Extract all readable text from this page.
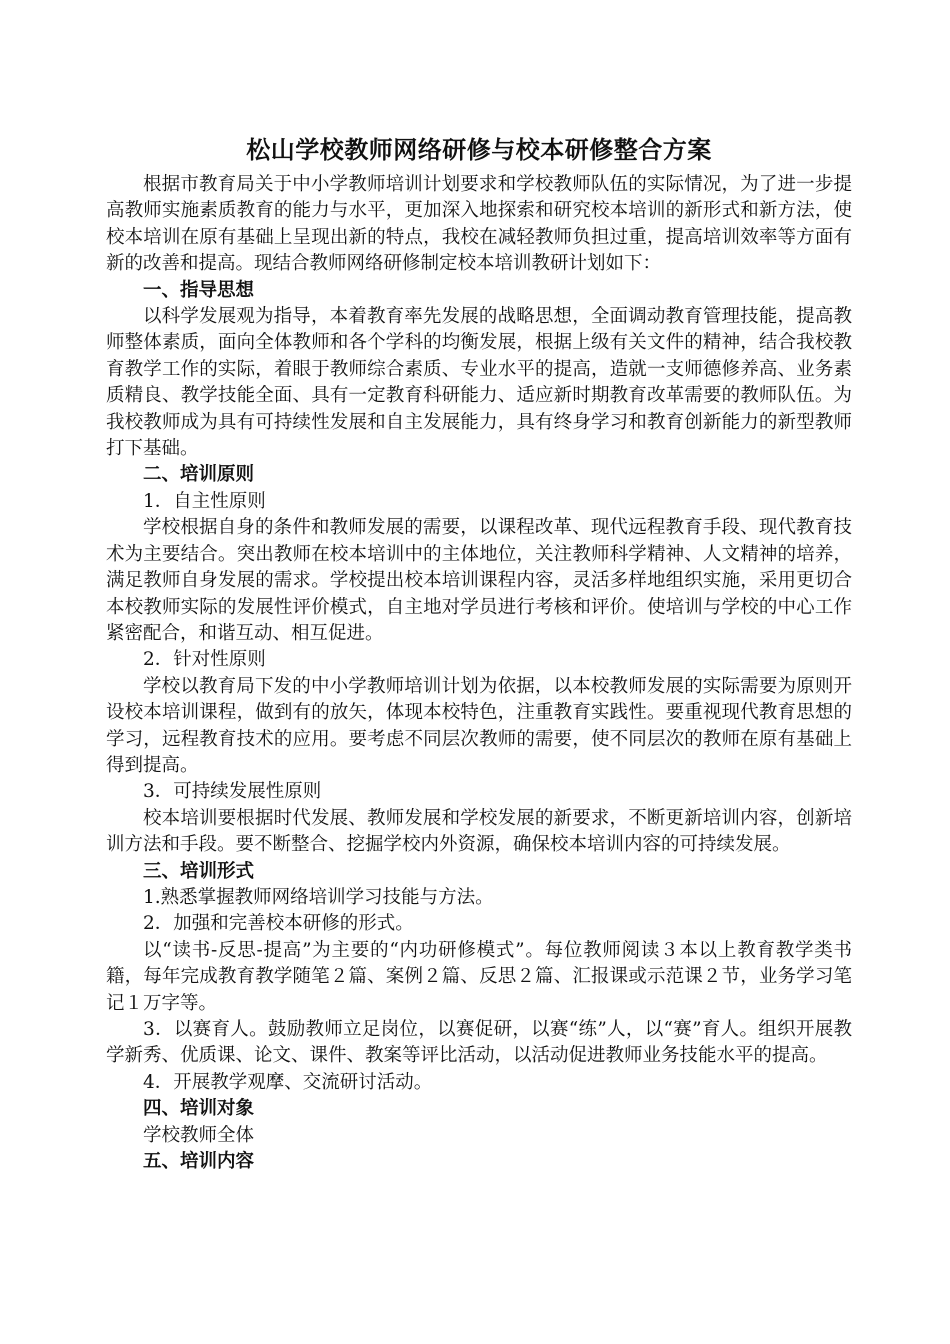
松山学校教师网络研修与校本研修整合方案

根据市教育局关于中小学教师培训计划要求和学校教师队伍的实际情况，为了进一步提高教师实施素质教育的能力与水平，更加深入地探索和研究校本培训的新形式和新方法，使校本培训在原有基础上呈现出新的特点，我校在减轻教师负担过重，提高培训效率等方面有新的改善和提高。现结合教师网络研修制定校本培训教研计划如下：

一、指导思想

以科学发展观为指导，本着教育率先发展的战略思想，全面调动教育管理技能，提高教师整体素质，面向全体教师和各个学科的均衡发展，根据上级有关文件的精神，结合我校教育教学工作的实际，着眼于教师综合素质、专业水平的提高，造就一支师德修养高、业务素质精良、教学技能全面、具有一定教育科研能力、适应新时期教育改革需要的教师队伍。为我校教师成为具有可持续性发展和自主发展能力，具有终身学习和教育创新能力的新型教师打下基础。

二、培训原则

1．自主性原则

学校根据自身的条件和教师发展的需要，以课程改革、现代远程教育手段、现代教育技术为主要结合。突出教师在校本培训中的主体地位，关注教师科学精神、人文精神的培养，满足教师自身发展的需求。学校提出校本培训课程内容，灵活多样地组织实施，采用更切合本校教师实际的发展性评价模式，自主地对学员进行考核和评价。使培训与学校的中心工作紧密配合，和谐互动、相互促进。

2．针对性原则

学校以教育局下发的中小学教师培训计划为依据，以本校教师发展的实际需要为原则开设校本培训课程，做到有的放矢，体现本校特色，注重教育实践性。要重视现代教育思想的学习，远程教育技术的应用。要考虑不同层次教师的需要，使不同层次的教师在原有基础上得到提高。

3．可持续发展性原则

校本培训要根据时代发展、教师发展和学校发展的新要求，不断更新培训内容，创新培训方法和手段。要不断整合、挖掘学校内外资源，确保校本培训内容的可持续发展。

三、培训形式

1.熟悉掌握教师网络培训学习技能与方法。

2．加强和完善校本研修的形式。

以“读书-反思-提高”为主要的“内功研修模式”。每位教师阅读３本以上教育教学类书籍，每年完成教育教学随笔２篇、案例２篇、反思２篇、汇报课或示范课２节，业务学习笔记１万字等。

3．以赛育人。鼓励教师立足岗位，以赛促研，以赛“练”人，以“赛”育人。组织开展教学新秀、优质课、论文、课件、教案等评比活动，以活动促进教师业务技能水平的提高。

4．开展教学观摩、交流研讨活动。

四、培训对象

学校教师全体

五、培训内容
